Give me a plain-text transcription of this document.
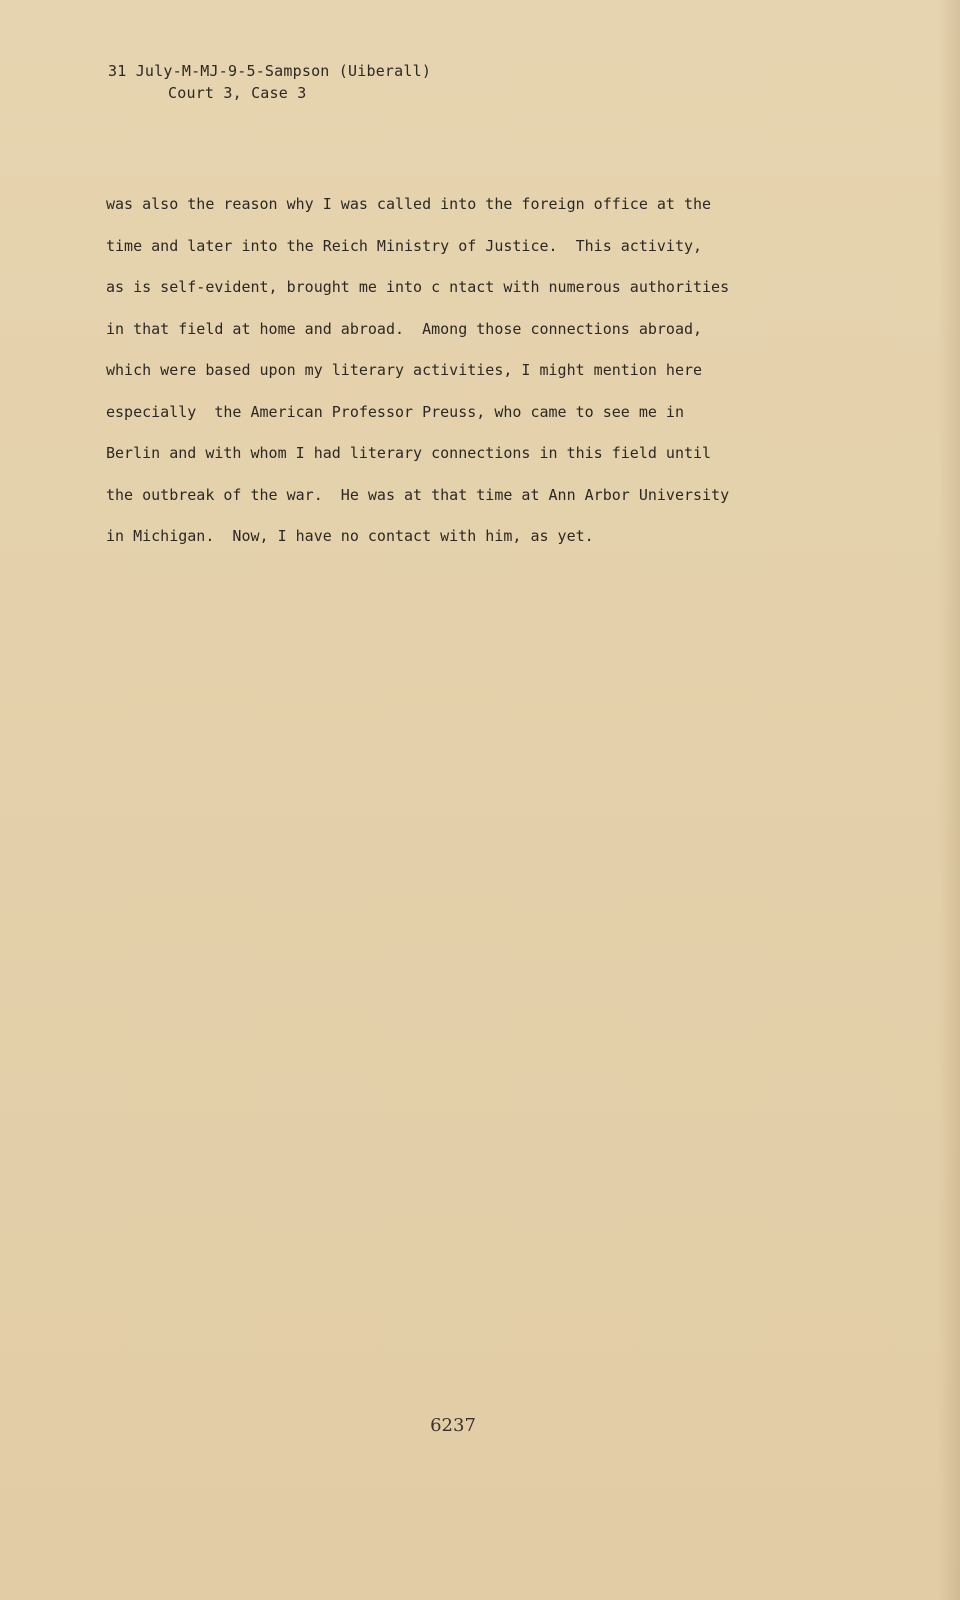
31 July-M-MJ-9-5-Sampson (Uiberall)
Court 3, Case 3
was also the reason why I was called into the foreign office at the
time and later into the Reich Ministry of Justice.  This activity,
as is self-evident, brought me into c ntact with numerous authorities
in that field at home and abroad.  Among those connections abroad,
which were based upon my literary activities, I might mention here
especially  the American Professor Preuss, who came to see me in
Berlin and with whom I had literary connections in this field until
the outbreak of the war.  He was at that time at Ann Arbor University
in Michigan.  Now, I have no contact with him, as yet.
6237
